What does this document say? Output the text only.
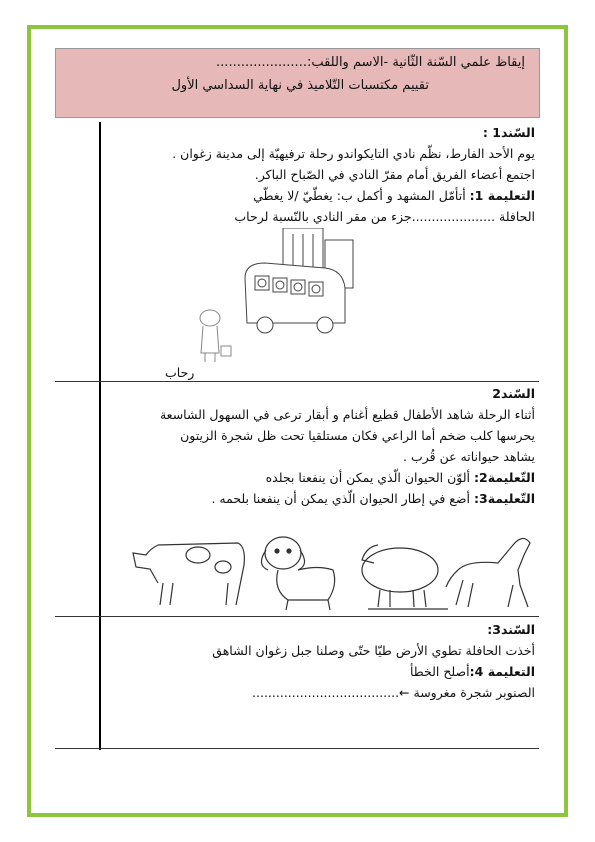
إيقاظ علمي السّنة الثّانية -الاسم واللقب:......................
تقييم مكتسبات التّلاميذ في نهاية السداسي الأول
السّند1 :
يوم الأحد الفارط، نظّم نادي التايكواندو رحلة ترفيهيّة إلى مدينة زغوان .
اجتمع أعضاء الفريق أمام مقرّ النادي في الصّباح الباكر.
التعليمة 1: أتأمّل المشهد و أكمل ب: يغطّيّ /لا يغطّي
الحافلة .....................جزء من مقر النادي بالنّسبة لرحاب
رحاب
السّند2
أثناء الرحلة شاهد الأطفال قطيع أغنام و أبقار ترعى في السهول الشاسعة
يحرسها كلب ضخم أما الراعي فكان مستلقيا تحت ظل شجرة الزيتون
يشاهد حيواناته عن قُرب .
التّعليمة2: ألوّن الحيوان الّذي يمكن أن ينفعنا بجلده
التّعليمة3: أضع في إطار الحيوان الّذي يمكن أن ينفعنا بلحمه .
السّند3:
أخذت الحافلة تطوي الأرض طيّا حتّى وصلنا جبل زغوان الشاهق
التعليمة 4:أصلح الخطأ
الصنوبر شجرة مغروسة ←.....................................
